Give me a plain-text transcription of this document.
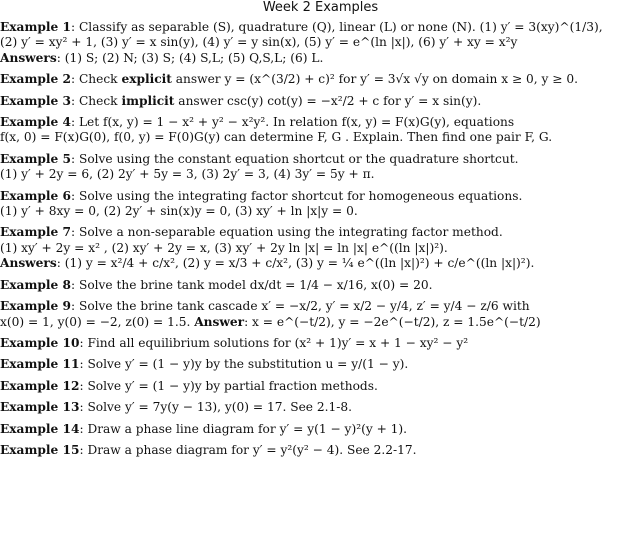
Week 2 Examples
Example 1: Classify as separable (S), quadrature (Q), linear (L) or none (N). (1) y′ = 3(xy)^(1/3),
(2) y′ = xy² + 1, (3) y′ = x sin(y), (4) y′ = y sin(x), (5) y′ = e^(ln |x|), (6) y′ + xy = x²y
Answers: (1) S; (2) N; (3) S; (4) S,L; (5) Q,S,L; (6) L.
Example 2: Check explicit answer y = (x^(3/2) + c)² for y′ = 3√x √y on domain x ≥ 0, y ≥ 0.
Example 3: Check implicit answer csc(y) cot(y) = −x²/2 + c for y′ = x sin(y).
Example 4: Let f(x, y) = 1 − x² + y² − x²y². In relation f(x, y) = F(x)G(y), equations
f(x, 0) = F(x)G(0), f(0, y) = F(0)G(y) can determine F, G . Explain. Then find one pair F, G.
Example 5: Solve using the constant equation shortcut or the quadrature shortcut.
(1) y′ + 2y = 6, (2) 2y′ + 5y = 3, (3) 2y′ = 3, (4) 3y′ = 5y + π.
Example 6: Solve using the integrating factor shortcut for homogeneous equations.
(1) y′ + 8xy = 0, (2) 2y′ + sin(x)y = 0, (3) xy′ + ln |x|y = 0.
Example 7: Solve a non-separable equation using the integrating factor method.
(1) xy′ + 2y = x² , (2) xy′ + 2y = x, (3) xy′ + 2y ln |x| = ln |x| e^((ln |x|)²).
Answers: (1) y = x²/4 + c/x², (2) y = x/3 + c/x², (3) y = ¼ e^((ln |x|)²) + c/e^((ln |x|)²).
Example 8: Solve the brine tank model dx/dt = 1/4 − x/16, x(0) = 20.
Example 9: Solve the brine tank cascade x′ = −x/2, y′ = x/2 − y/4, z′ = y/4 − z/6 with
x(0) = 1, y(0) = −2, z(0) = 1.5. Answer: x = e^(−t/2), y = −2e^(−t/2), z = 1.5e^(−t/2)
Example 10: Find all equilibrium solutions for (x² + 1)y′ = x + 1 − xy² − y²
Example 11: Solve y′ = (1 − y)y by the substitution u = y/(1 − y).
Example 12: Solve y′ = (1 − y)y by partial fraction methods.
Example 13: Solve y′ = 7y(y − 13), y(0) = 17. See 2.1-8.
Example 14: Draw a phase line diagram for y′ = y(1 − y)²(y + 1).
Example 15: Draw a phase diagram for y′ = y²(y² − 4). See 2.2-17.
